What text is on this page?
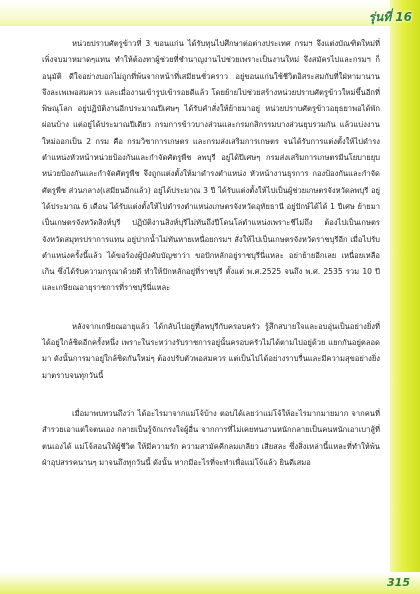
รุ่นที่ 16

หน่วยปราบศัตรูข้าวที่ 3 ขอนแก่น ได้รับทุนไปศึกษาต่อต่างประเทศ กรมฯ จึงแต่งบัณฑิตใหม่ที่เพิ่งจบมาหมาดๆแทน ทำให้ต้องทาผู้ช่วยที่ชำนาญงานไปช่วยเพราะเป็นงานใหม่ จึงสมัครไปและกรมฯ ก็อนุมัติ ดีใจอย่างบอกไม่ถูกที่พ้นจากหน้าที่เสมียนชั่วคราว อยู่ขอนแก่นใช้ชีวิตอิสระสมกับที่ใฝ่หามานาน จึงละเพเพอสมควร และเมื่องานเข้ารูปเข้ารอยดีแล้ว โดยย้ายไปช่วยสร้างหน่วยปราบศัตรูข้าวใหม่ขึ้นอีกที่พิษณุโลก อยู่ปฏิบัติงานอีกประมาณปีเศษๆ ได้รับคำสั่งให้ย้ายมาอยู่ หน่วยปราบศัตรูข้าวอยุธยาพอได้พักผ่อนบ้าง แต่อยู่ได้ประมาณปีเดียว กรมการข้าวบางส่วนและกรมกสิกรรมบางส่วนยุบรวมกัน แล้วแบ่งงานใหม่ออกเป็น 2 กรม คือ กรมวิชาการเกษตร และกรมส่งเสริมการเกษตร จนได้รับการแต่งตั้งให้ไปดำรงตำแหน่งหัวหน้าหน่วยป้องกันและกำจัดศัตรูพืช ลพบุรี อยู่ได้ปีเศษๆ กรมส่งเสริมการเกษตรมีนโยบายยุบหน่วยป้องกันและกำจัดศัตรูพืช จึงถูกแต่งตั้งให้มาดำรงตำแหน่ง หัวหน้างานธุรการ กองป้องกันและกำจัดศัตรูพืช ส่วนกลาง(เสมียนอีกแล้ว) อยู่ได้ประมาณ 3 ปี ได้รับแต่งตั้งให้ไปเป็นผู้ช่วยเกษตรจังหวัดลพบุรี อยู่ได้ประมาณ 6 เดือน ได้รับแต่งตั้งให้ไปดำรงตำแหน่งเกษตรจังหวัดอุทัยธานี อยู่ปักษ์ได้ได้ 1 ปีเศษ ย้ายมาเป็นเกษตรจังหวัดสิงห์บุรี ปฏิบัติงานสิงห์บุรีไม่ทันถึงปีโดนโล่ตำแหน่งเพราะชีไม่ถึง ต้องไปเป็นเกษตรจังหวัดสมุทรปราการแทน อยู่ปากน้ำไม่ทันหายเหนื่อยกรมฯ สั่งให้ไปเป็นเกษตรจังหวัดราชบุรีอีก เมื่อไปรับตำแหน่งครั้งนี้แล้ว ได้ขอร้องผู้บังคับบัญชาว่า ขอปักหลักอยู่ราชบุรีนี่แหละ อย่าย้ายอีกเลย เหนื่อยเหลือเกิน ซึ่งได้รับความกรุณาด้วยดี ทำให้ปักหลักอยู่ที่ราชบุรี ตั้งแต่ พ.ศ.2525 จนถึง พ.ศ. 2535 รวม 10 ปี และเกษียณอายุราชการที่ราชบุรีนี่แหละ

หลังจากเกษียณอายุแล้ว ได้กลับไปอยู่ที่ลพบุรีกับครอบครัว รู้สึกสบายใจและอบอุ่นเป็นอย่างยิ่งที่ได้อยู่ใกล้ชิดอีกครั้งหนึ่ง เพราะในระหว่างรับราชการอยู่นั้นครอบครัวไม่ได้ตามไปอยู่ด้วย แยกกันอยู่ตลอดมา ดังนั้นการมาอยู่ใกล้ชิดกันใหม่ๆ ต้องปรับตัวพอสมควร แต่เป็นไปได้อย่างราบรื่นและมีความสุขอย่างยิ่งมาตราบจนทุกวันนี้

เมื่อมาพบทวนถึงว่า ได้อะไรมาจากแม่โจ้บ้าง ตอบได้เลยว่าแม่โจ้ให้อะไรมากมายมาก จากคนที่สำรวยเอาแต่ใจตนเอง กลายเป็นรู้จักเกรงใจผู้อื่น จากการที่ไม่เคยทนงานหนักกลายเป็นคนหนักเอาเบาสู้ที่ตนเองได้ แม่โจ้สอนให้ผู้ชีวิต ให้มีความรัก ความสามัคคีกลมเกลียว เสียสละ ซึ่งสิ่งเหล่านี้แหละที่ทำให้พ้นฝ่าอุปสรรคนานๆ มาจนถึงทุกวันนี้ ดังนั้น หากมีอะไรที่จะทำเพื่อแม่โจ้แล้ว ยินดีเสมอ

315
